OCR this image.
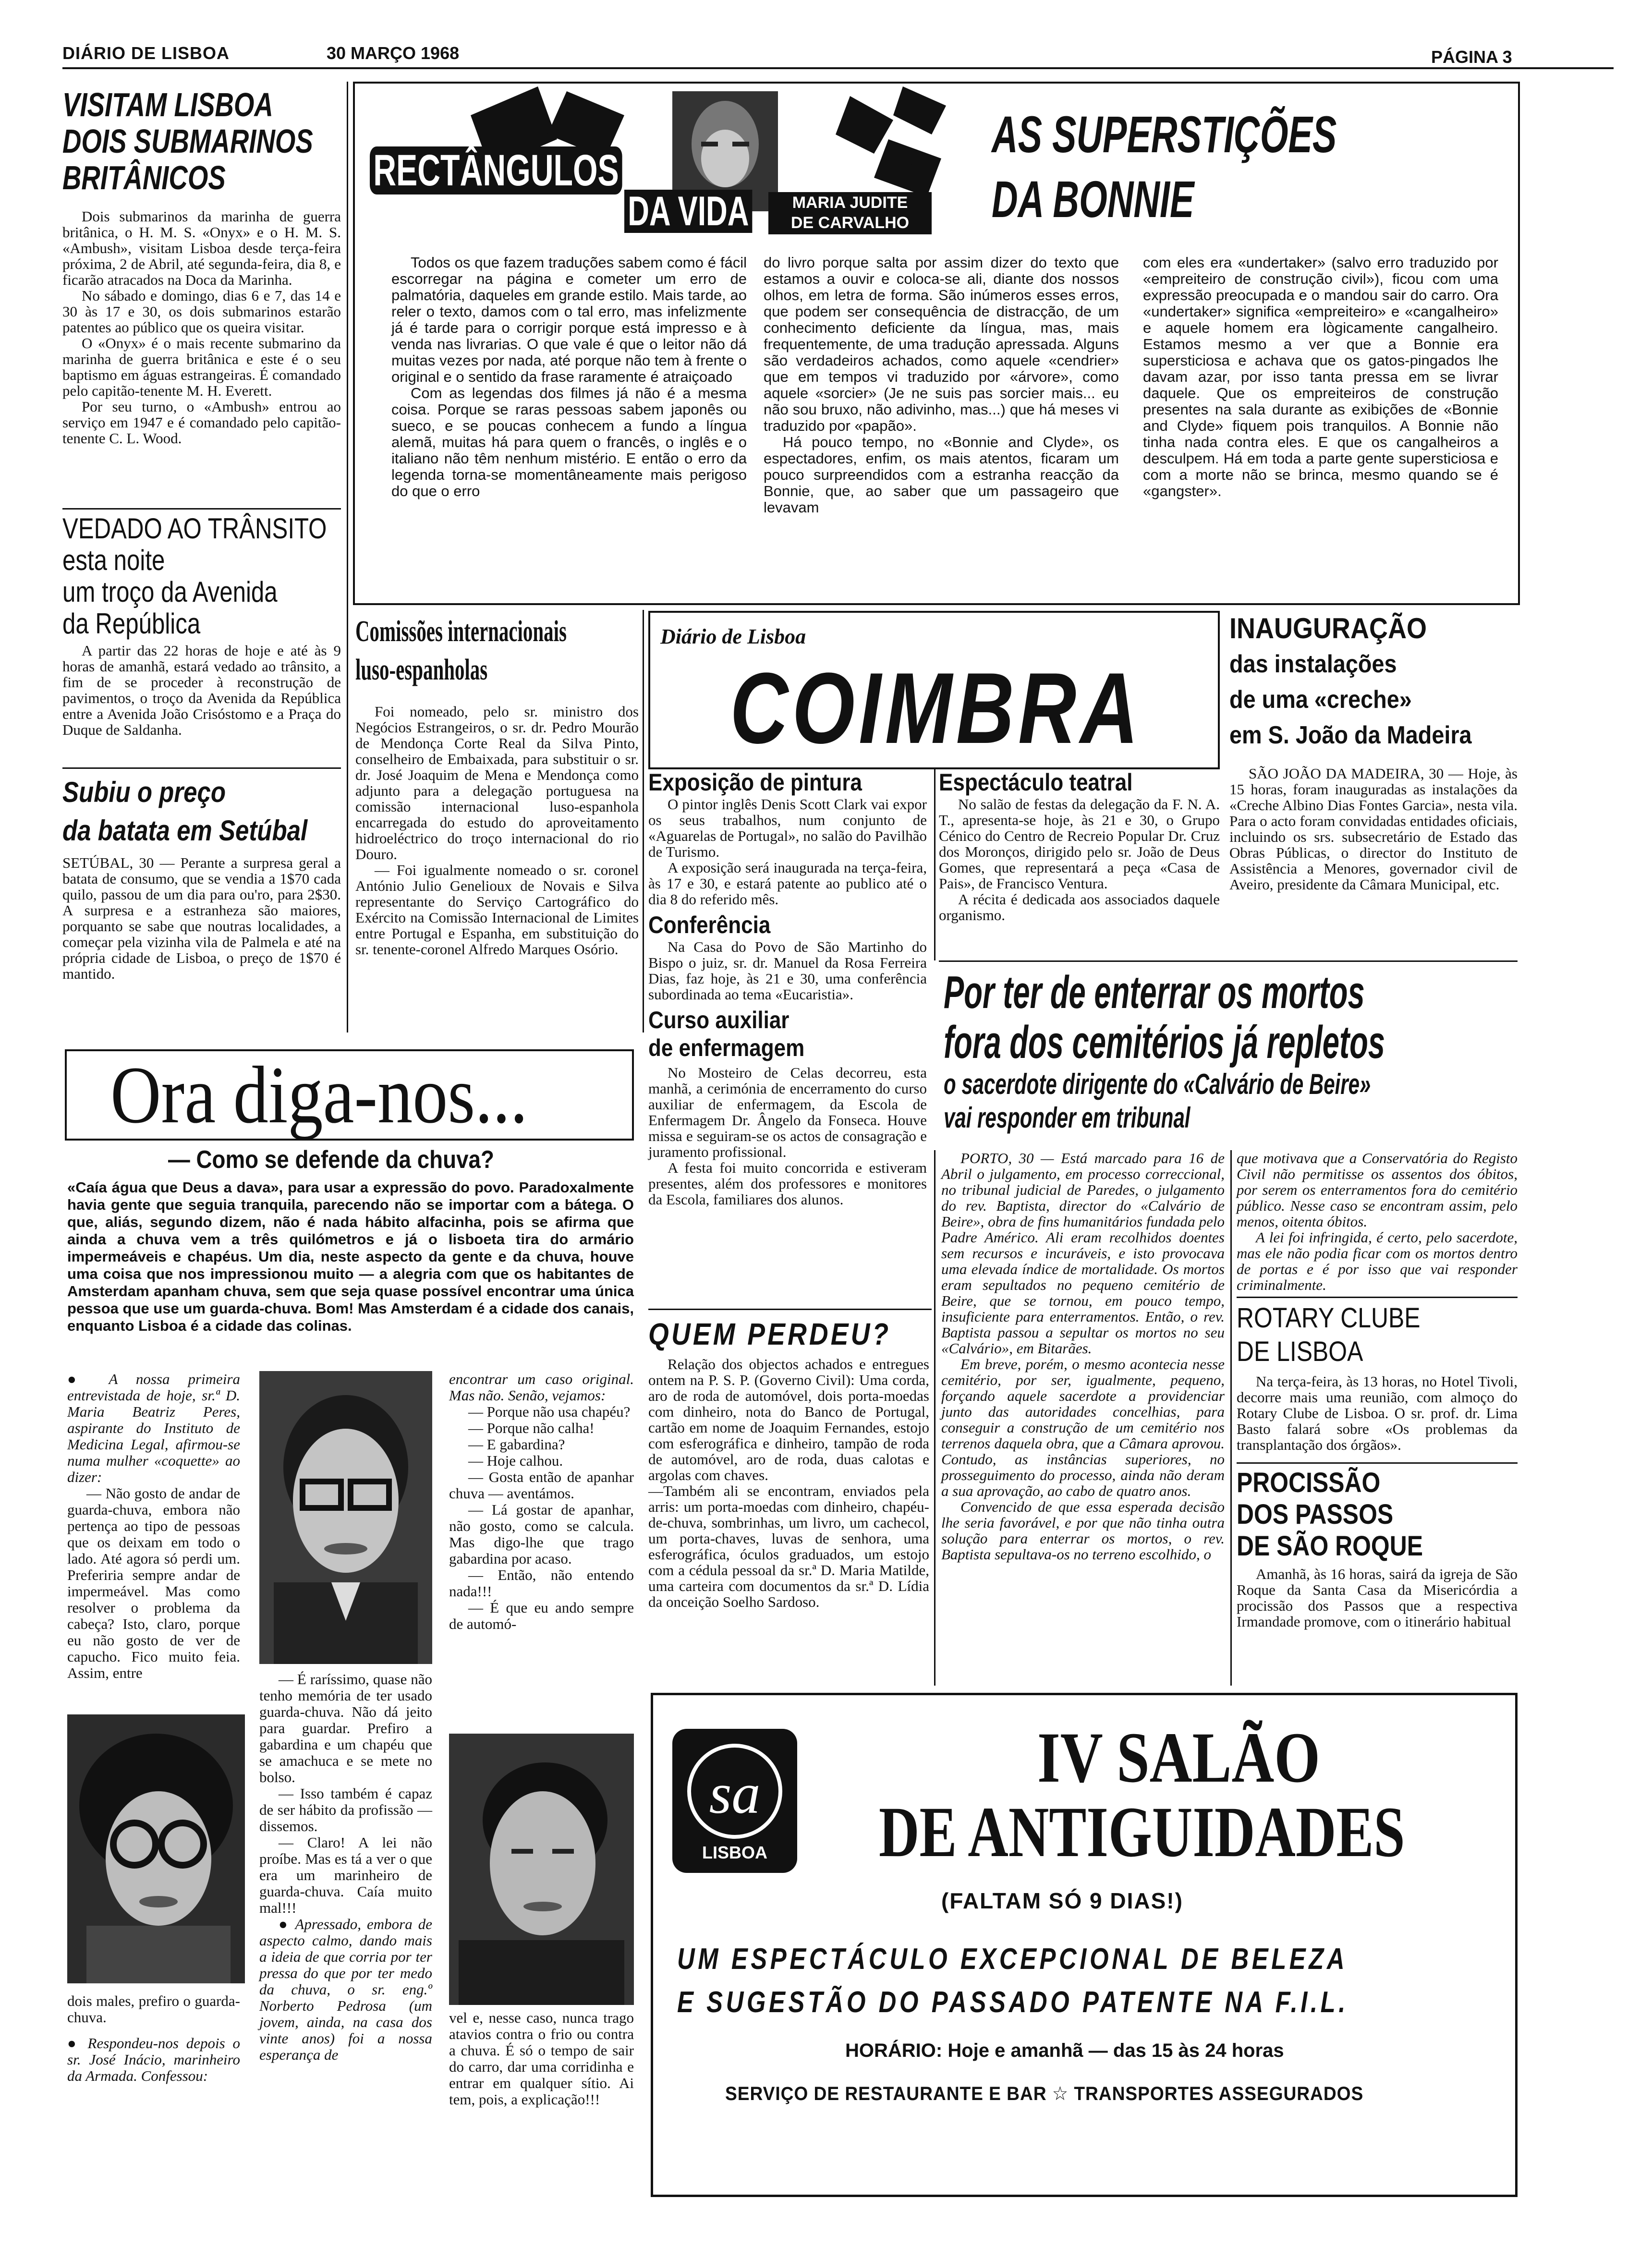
DIÁRIO DE LISBOA	30 MARÇO 1968	PÁGINA 3
VISITAM LISBOA
DOIS SUBMARINOS
BRITÂNICOS

Dois submarinos da marinha de guerra britânica, o H. M. S. «Onyx» e o H. M. S. «Ambush», visitam Lisboa desde terça-feira próxima, 2 de Abril, até segunda-feira, dia 8, e ficarão atracados na Doca da Marinha.

No sábado e domingo, dias 6 e 7, das 14 e 30 às 17 e 30, os dois submarinos estarão patentes ao público que os queira visitar.

O «Onyx» é o mais recente submarino da marinha de guerra britânica e este é o seu baptismo em águas estrangeiras. É comandado pelo capitão-tenente M. H. Everett.

Por seu turno, o «Ambush» entrou ao serviço em 1947 e é comandado pelo capitão-tenente C. L. Wood.

VEDADO AO TRÂNSITO
esta noite
um troço da Avenida
da República

A partir das 22 horas de hoje e até às 9 horas de amanhã, estará vedado ao trânsito, a fim de se proceder à reconstrução de pavimentos, o troço da Avenida da República entre a Avenida João Crisóstomo e a Praça do Duque de Saldanha.

Subiu o preço
da batata em Setúbal

SETÚBAL, 30 — Perante a surpresa geral a batata de consumo, que se vendia a 1$70 cada quilo, passou de um dia para ou'ro, para 2$30. A surpresa e a estranheza são maiores, porquanto se sabe que noutras localidades, a começar pela vizinha vila de Palmela e até na própria cidade de Lisboa, o preço de 1$70 é mantido.

RECTÂNGULOS
DA VIDA
POR
MARIA JUDITE
DE CARVALHO
AS SUPERSTIÇÕES
DA BONNIE

Todos os que fazem traduções sabem como é fácil escorregar na página e cometer um erro de palmatória, daqueles em grande estilo. Mais tarde, ao reler o texto, damos com o tal erro, mas infelizmente já é tarde para o corrigir porque está impresso e à venda nas livrarias. O que vale é que o leitor não dá muitas vezes por nada, até porque não tem à frente o original e o sentido da frase raramente é atraiçoado

Com as legendas dos filmes já não é a mesma coisa. Porque se raras pessoas sabem japonês ou sueco, e se poucas conhecem a fundo a língua alemã, muitas há para quem o francês, o inglês e o italiano não têm nenhum mistério. E então o erro da legenda torna-se momentâneamente mais perigoso do que o erro

do livro porque salta por assim dizer do texto que estamos a ouvir e coloca-se ali, diante dos nossos olhos, em letra de forma. São inúmeros esses erros, que podem ser consequência de distracção, de um conhecimento deficiente da língua, mas, mais frequentemente, de uma tradução apressada. Alguns são verdadeiros achados, como aquele «cendrier» que em tempos vi traduzido por «árvore», como aquele «sorcier» (Je ne suis pas sorcier mais... eu não sou bruxo, não adivinho, mas...) que há meses vi traduzido por «papão».

Há pouco tempo, no «Bonnie and Clyde», os espectadores, enfim, os mais atentos, ficaram um pouco surpreendidos com a estranha reacção da Bonnie, que, ao saber que um passageiro que levavam

com eles era «undertaker» (salvo erro traduzido por «empreiteiro de construção civil»), ficou com uma expressão preocupada e o mandou sair do carro. Ora «undertaker» significa «empreiteiro» e «cangalheiro» e aquele homem era lògicamente cangalheiro. Estamos mesmo a ver que a Bonnie era supersticiosa e achava que os gatos-pingados lhe davam azar, por isso tanta pressa em se livrar daquele. Que os empreiteiros de construção presentes na sala durante as exibições de «Bonnie and Clyde» fiquem pois tranquilos. A Bonnie não tinha nada contra eles. E que os cangalheiros a desculpem. Há em toda a parte gente supersticiosa e com a morte não se brinca, mesmo quando se é «gangster».

Comissões internacionais
luso-espanholas

Foi nomeado, pelo sr. ministro dos Negócios Estrangeiros, o sr. dr. Pedro Mourão de Mendonça Corte Real da Silva Pinto, conselheiro de Embaixada, para substituir o sr. dr. José Joaquim de Mena e Mendonça como adjunto para a delegação portuguesa na comissão internacional luso-espanhola encarregada do estudo do aproveitamento hidroeléctrico do troço internacional do rio Douro.

— Foi igualmente nomeado o sr. coronel António Julio Genelioux de Novais e Silva representante do Serviço Cartográfico do Exército na Comissão Internacional de Limites entre Portugal e Espanha, em substituição do sr. tenente-coronel Alfredo Marques Osório.

Diário de Lisboa
COIMBRA
Exposição de pintura

O pintor inglês Denis Scott Clark vai expor os seus trabalhos, num conjunto de «Aguarelas de Portugal», no salão do Pavilhão de Turismo.

A exposição será inaugurada na terça-feira, às 17 e 30, e estará patente ao publico até o dia 8 do referido mês.

Conferência

Na Casa do Povo de São Martinho do Bispo o juiz, sr. dr. Manuel da Rosa Ferreira Dias, faz hoje, às 21 e 30, uma conferência subordinada ao tema «Eucaristia».

Curso auxiliar
de enfermagem

No Mosteiro de Celas decorreu, esta manhã, a cerimónia de encerramento do curso auxiliar de enfermagem, da Escola de Enfermagem Dr. Ângelo da Fonseca. Houve missa e seguiram-se os actos de consagração e juramento profissional.

A festa foi muito concorrida e estiveram presentes, além dos professores e monitores da Escola, familiares dos alunos.

Espectáculo teatral

No salão de festas da delegação da F. N. A. T., apresenta-se hoje, às 21 e 30, o Grupo Cénico do Centro de Recreio Popular Dr. Cruz dos Moronços, dirigido pelo sr. João de Deus Gomes, que representará a peça «Casa de Pais», de Francisco Ventura.

A récita é dedicada aos associados daquele organismo.

INAUGURAÇÃO
das instalações
de uma «creche»
em S. João da Madeira

SÃO JOÃO DA MADEIRA, 30 — Hoje, às 15 horas, foram inauguradas as instalações da «Creche Albino Dias Fontes Garcia», nesta vila. Para o acto foram convidadas entidades oficiais, incluindo os srs. subsecretário de Estado das Obras Públicas, o director do Instituto de Assistência a Menores, governador civil de Aveiro, presidente da Câmara Municipal, etc.

Por ter de enterrar os mortos
fora dos cemitérios já repletos
o sacerdote dirigente do «Calvário de Beire»
vai responder em tribunal

PORTO, 30 — Está marcado para 16 de Abril o julgamento, em processo correccional, no tribunal judicial de Paredes, o julgamento do rev. Baptista, director do «Calvário de Beire», obra de fins humanitários fundada pelo Padre Américo. Ali eram recolhidos doentes sem recursos e incuráveis, e isto provocava uma elevada índice de mortalidade. Os mortos eram sepultados no pequeno cemitério de Beire, que se tornou, em pouco tempo, insuficiente para enterramentos. Então, o rev. Baptista passou a sepultar os mortos no seu «Calvário», em Bitarães.

Em breve, porém, o mesmo acontecia nesse cemitério, por ser, igualmente, pequeno, forçando aquele sacerdote a providenciar junto das autoridades concelhias, para conseguir a construção de um cemitério nos terrenos daquela obra, que a Câmara aprovou. Contudo, as instâncias superiores, no prosseguimento do processo, ainda não deram a sua aprovação, ao cabo de quatro anos.

Convencido de que essa esperada decisão lhe seria favorável, e por que não tinha outra solução para enterrar os mortos, o rev. Baptista sepultava-os no terreno escolhido, o

que motivava que a Conservatória do Registo Civil não permitisse os assentos dos óbitos, por serem os enterramentos fora do cemitério público. Nesse caso se encontram assim, pelo menos, oitenta óbitos.

A lei foi infringida, é certo, pelo sacerdote, mas ele não podia ficar com os mortos dentro de portas e é por isso que vai responder criminalmente.

ROTARY CLUBE
DE LISBOA

Na terça-feira, às 13 horas, no Hotel Tivoli, decorre mais uma reunião, com almoço do Rotary Clube de Lisboa. O sr. prof. dr. Lima Basto falará sobre «Os problemas da transplantação dos órgãos».

PROCISSÃO
DOS PASSOS
DE SÃO ROQUE

Amanhã, às 16 horas, sairá da igreja de São Roque da Santa Casa da Misericórdia a procissão dos Passos que a respectiva Irmandade promove, com o itinerário habitual

QUEM PERDEU?

Relação dos objectos achados e entregues ontem na P. S. P. (Governo Civil): Uma corda, aro de roda de automóvel, dois porta-moedas com dinheiro, nota do Banco de Portugal, cartão em nome de Joaquim Fernandes, estojo com esferográfica e dinheiro, tampão de roda de automóvel, aro de roda, duas calotas e argolas com chaves.

—Também ali se encontram, enviados pela arris: um porta-moedas com dinheiro, chapéu-de-chuva, sombrinhas, um livro, um cachecol, um porta-chaves, luvas de senhora, uma esferográfica, óculos graduados, um estojo com a cédula pessoal da sr.ª D. Maria Matilde, uma carteira com documentos da sr.ª D. Lídia da onceição Soelho Sardoso.

Ora diga-nos...
— Como se defende da chuva?
«Caía água que Deus a dava», para usar a expressão do povo. Paradoxalmente havia gente que seguia tranquila, parecendo não se importar com a bátega. O que, aliás, segundo dizem, não é nada hábito alfacinha, pois se afirma que ainda a chuva vem a três quilómetros e já o lisboeta tira do armário impermeáveis e chapéus. Um dia, neste aspecto da gente e da chuva, houve uma coisa que nos impressionou muito — a alegria com que os habitantes de Amsterdam apanham chuva, sem que seja quase possível encontrar uma única pessoa que use um guarda-chuva. Bom! Mas Amsterdam é a cidade dos canais, enquanto Lisboa é a cidade das colinas.

● A nossa primeira entrevistada de hoje, sr.ª D. Maria Beatriz Peres, aspirante do Instituto de Medicina Legal, afirmou-se numa mulher «coquette» ao dizer:

— Não gosto de andar de guarda-chuva, embora não pertença ao tipo de pessoas que os deixam em todo o lado. Até agora só perdi um. Preferiria sempre andar de impermeável. Mas como resolver o problema da cabeça? Isto, claro, porque eu não gosto de ver de capucho. Fico muito feia. Assim, entre

dois males, prefiro o guarda-chuva.

● Respondeu-nos depois o sr. José Inácio, marinheiro da Armada. Confessou:

— É raríssimo, quase não tenho memória de ter usado guarda-chuva. Não dá jeito para guardar. Prefiro a gabardina e um chapéu que se amachuca e se mete no bolso.

— Isso também é capaz de ser hábito da profissão — dissemos.

— Claro! A lei não proíbe. Mas es tá a ver o que era um marinheiro de guarda-chuva. Caía muito mal!!!

● Apressado, embora de aspecto calmo, dando mais a ideia de que corria por ter pressa do que por ter medo da chuva, o sr. eng.º Norberto Pedrosa (um jovem, ainda, na casa dos vinte anos) foi a nossa esperança de

encontrar um caso original. Mas não. Senão, vejamos:

— Porque não usa chapéu?

— Porque não calha!

— E gabardina?

— Hoje calhou.

— Gosta então de apanhar chuva — aventámos.

— Lá gostar de apanhar, não gosto, como se calcula. Mas digo-lhe que trago gabardina por acaso.

— Então, não entendo nada!!!

— É que eu ando sempre de automó-

vel e, nesse caso, nunca trago atavios contra o frio ou contra a chuva. É só o tempo de sair do carro, dar uma corridinha e entrar em qualquer sítio. Ai tem, pois, a explicação!!!

sa
LISBOA
IV SALÃO
DE ANTIGUIDADES
(FALTAM SÓ 9 DIAS!)
UM ESPECTÁCULO EXCEPCIONAL DE BELEZA
E SUGESTÃO DO PASSADO PATENTE NA F.I.L.
HORÁRIO: Hoje e amanhã — das 15 às 24 horas
SERVIÇO DE RESTAURANTE E BAR ☆ TRANSPORTES ASSEGURADOS
